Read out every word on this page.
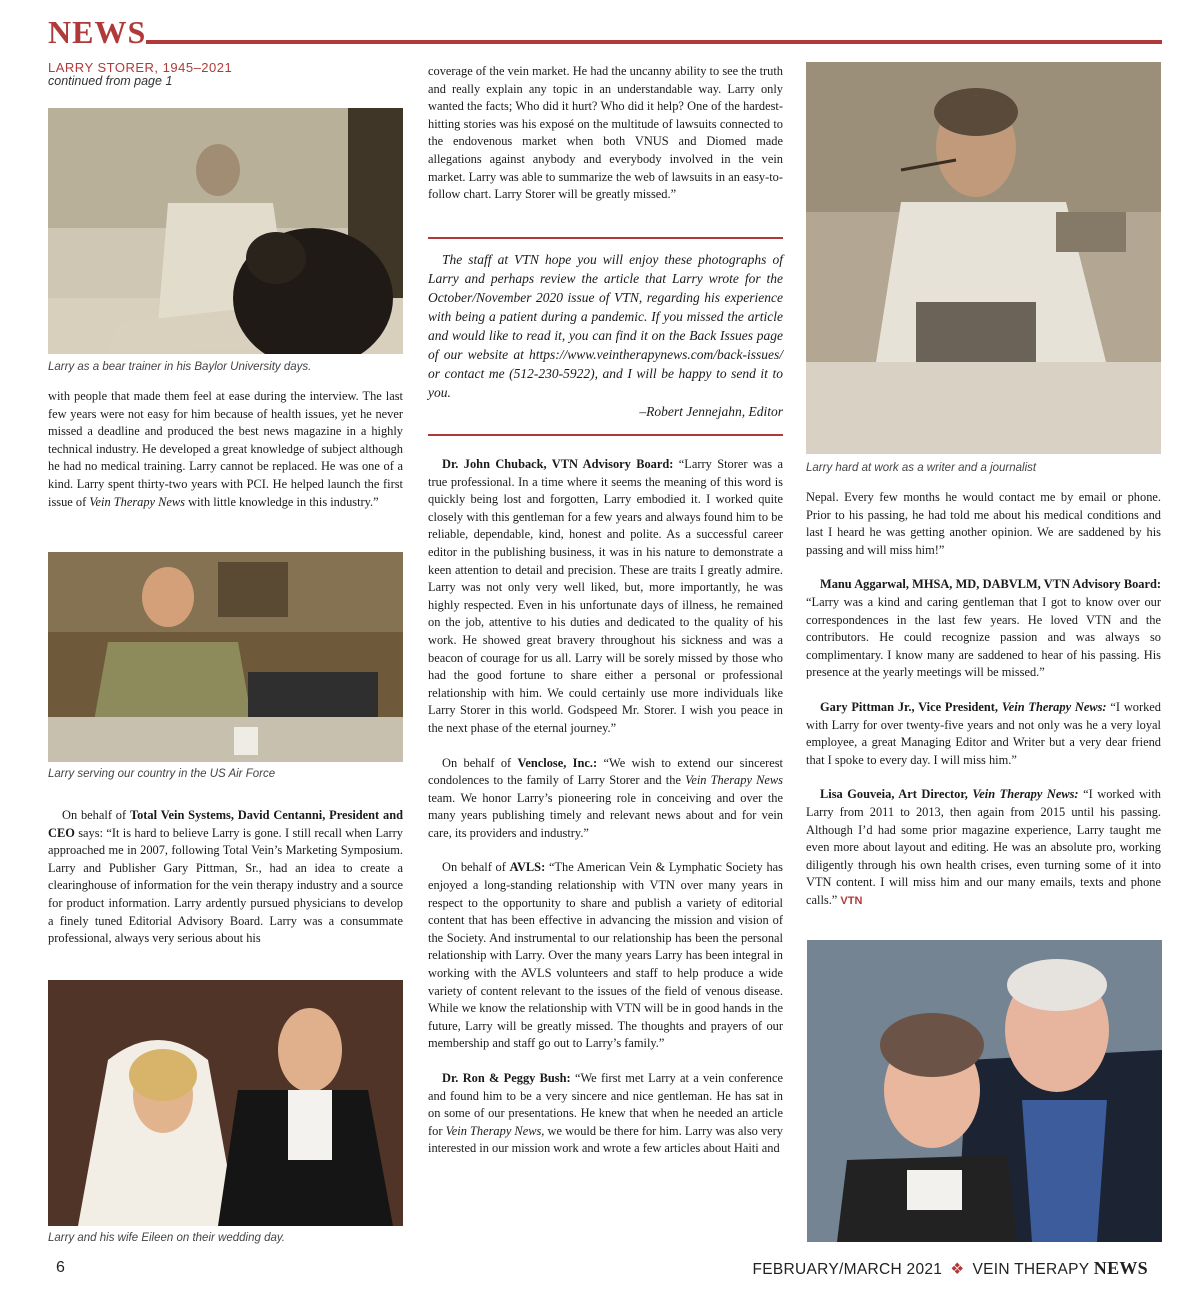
NEWS
LARRY STORER, 1945–2021
continued from page 1
Larry as a bear trainer in his Baylor University days.

with people that made them feel at ease during the interview. The last few years were not easy for him because of health issues, yet he never missed a deadline and produced the best news magazine in a highly technical industry. He developed a great knowledge of subject although he had no medical training. Larry cannot be replaced. He was one of a kind. Larry spent thirty-two years with PCI. He helped launch the first issue of Vein Therapy News with little knowledge in this industry.”

Larry serving our country in the US Air Force

On behalf of Total Vein Systems, David Centanni, President and CEO says: “It is hard to believe Larry is gone. I still recall when Larry approached me in 2007, following Total Vein’s Marketing Symposium. Larry and Publisher Gary Pittman, Sr., had an idea to create a clearinghouse of information for the vein therapy industry and a source for product information. Larry ardently pursued physicians to develop a finely tuned Editorial Advisory Board. Larry was a consummate professional, always very serious about his

Larry and his wife Eileen on their wedding day.

coverage of the vein market. He had the uncanny ability to see the truth and really explain any topic in an understandable way. Larry only wanted the facts; Who did it hurt? Who did it help? One of the hardest-hitting stories was his exposé on the multitude of lawsuits connected to the endovenous market when both VNUS and Diomed made allegations against anybody and everybody involved in the vein market. Larry was able to summarize the web of lawsuits in an easy-to-follow chart. Larry Storer will be greatly missed.”

The staff at VTN hope you will enjoy these photographs of Larry and perhaps review the article that Larry wrote for the October/November 2020 issue of VTN, regarding his experience with being a patient during a pandemic. If you missed the article and would like to read it, you can find it on the Back Issues page of our website at https://www.veintherapynews.com/back-issues/ or contact me (512-230-5922), and I will be happy to send it to you.
–Robert Jennejahn, Editor

Dr. John Chuback, VTN Advisory Board: “Larry Storer was a true professional. In a time where it seems the meaning of this word is quickly being lost and forgotten, Larry embodied it. I worked quite closely with this gentleman for a few years and always found him to be reliable, dependable, kind, honest and polite. As a successful career editor in the publishing business, it was in his nature to demonstrate a keen attention to detail and precision. These are traits I greatly admire. Larry was not only very well liked, but, more importantly, he was highly respected. Even in his unfortunate days of illness, he remained on the job, attentive to his duties and dedicated to the quality of his work. He showed great bravery throughout his sickness and was a beacon of courage for us all. Larry will be sorely missed by those who had the good fortune to share either a personal or professional relationship with him. We could certainly use more individuals like Larry Storer in this world. Godspeed Mr. Storer. I wish you peace in the next phase of the eternal journey.”

On behalf of Venclose, Inc.: “We wish to extend our sincerest condolences to the family of Larry Storer and the Vein Therapy News team. We honor Larry’s pioneering role in conceiving and over the many years publishing timely and relevant news about and for vein care, its providers and industry.”

On behalf of AVLS: “The American Vein & Lymphatic Society has enjoyed a long-standing relationship with VTN over many years in respect to the opportunity to share and publish a variety of editorial content that has been effective in advancing the mission and vision of the Society. And instrumental to our relationship has been the personal relationship with Larry. Over the many years Larry has been integral in working with the AVLS volunteers and staff to help produce a wide variety of content relevant to the issues of the field of venous disease. While we know the relationship with VTN will be in good hands in the future, Larry will be greatly missed. The thoughts and prayers of our membership and staff go out to Larry’s family.”

Dr. Ron & Peggy Bush: “We first met Larry at a vein conference and found him to be a very sincere and nice gentleman. He has sat in on some of our presentations. He knew that when he needed an article for Vein Therapy News, we would be there for him. Larry was also very interested in our mission work and wrote a few articles about Haiti and

Larry hard at work as a writer and a journalist

Nepal. Every few months he would contact me by email or phone. Prior to his passing, he had told me about his medical conditions and last I heard he was getting another opinion. We are saddened by his passing and will miss him!”

Manu Aggarwal, MHSA, MD, DABVLM, VTN Advisory Board: “Larry was a kind and caring gentleman that I got to know over our correspondences in the last few years. He loved VTN and the contributors. He could recognize passion and was always so complimentary. I know many are saddened to hear of his passing. His presence at the yearly meetings will be missed.”

Gary Pittman Jr., Vice President, Vein Therapy News: “I worked with Larry for over twenty-five years and not only was he a very loyal employee, a great Managing Editor and Writer but a very dear friend that I spoke to every day. I will miss him.”

Lisa Gouveia, Art Director, Vein Therapy News: “I worked with Larry from 2011 to 2013, then again from 2015 until his passing. Although I’d had some prior magazine experience, Larry taught me even more about layout and editing. He was an absolute pro, working diligently through his own health crises, even turning some of it into VTN content. I will miss him and our many emails, texts and phone calls.” VTN

6	FEBRUARY/MARCH 2021 ❖ VEIN THERAPY NEWS
